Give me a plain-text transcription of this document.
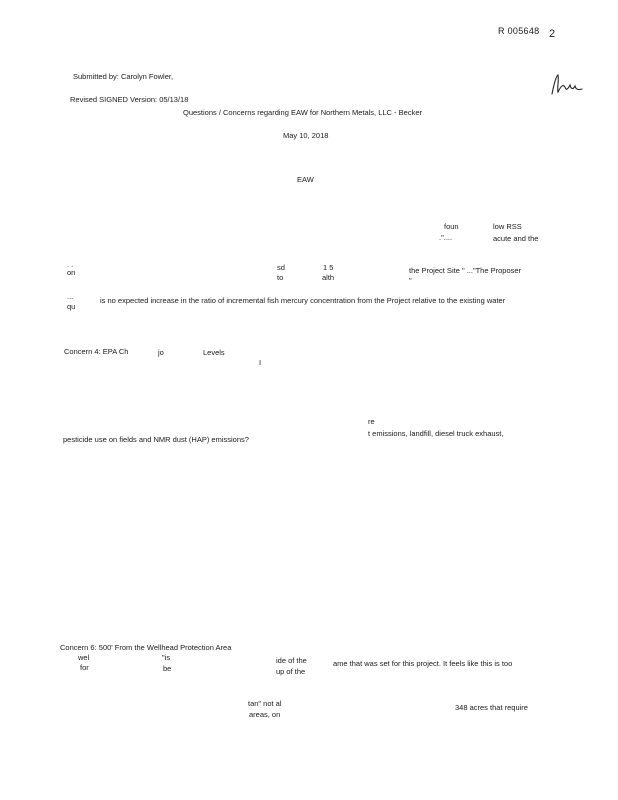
R 005648 2
Submitted by: Carolyn Fowler,
Revised SIGNED Version: 05/13/18
Questions / Concerns regarding EAW for Northern Metals, LLC - Becker
May 10, 2018
EAW
foun	low RSS
."....	acute and the
. .
on
sd	1 5	the Project Site " ..."The Proposer
to	alth	"
...
qu
is no expected increase in the ratio of incremental fish mercury concentration from the Project relative to the existing water
Concern 4: EPA Ch	jo	Levels
I
re
t emissions, landfill, diesel truck exhaust,
pesticide use on fields and NMR dust (HAP) emissions?
Concern 6: 500' From the Wellhead Protection Area
wel	"is	ide of the	ame that was set for this project. It feels like this is too
for	be	up of the
tan" not al	348 acres that require
areas, on
